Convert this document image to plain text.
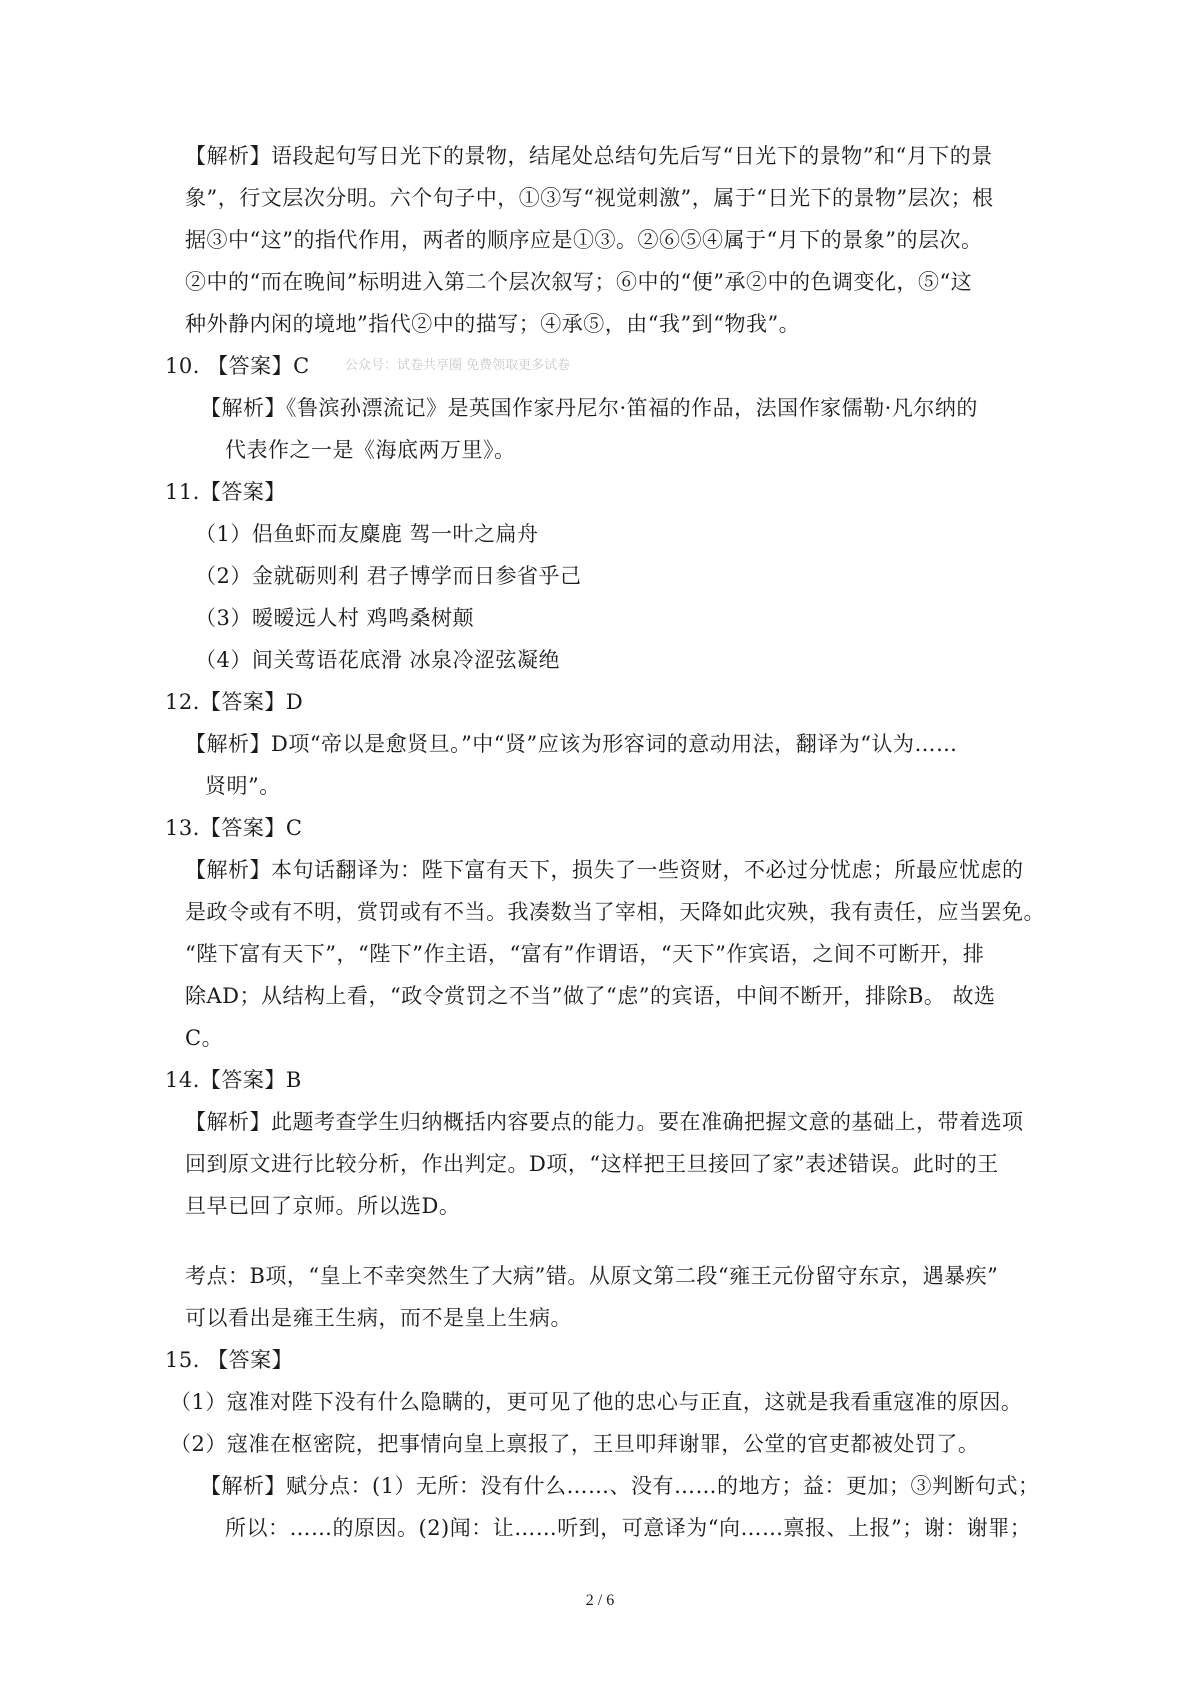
【解析】语段起句写日光下的景物，结尾处总结句先后写“日光下的景物”和“月下的景
象”，行文层次分明。六个句子中，①③写“视觉刺激”，属于“日光下的景物”层次；根
据③中“这”的指代作用，两者的顺序应是①③。②⑥⑤④属于“月下的景象”的层次。
②中的“而在晚间”标明进入第二个层次叙写；⑥中的“便”承②中的色调变化，⑤“这
种外静内闲的境地”指代②中的描写；④承⑤，由“我”到“物我”。
10. 【答案】C	公众号：试卷共享圈 免费领取更多试卷
【解析】《鲁滨孙漂流记》是英国作家丹尼尔·笛福的作品，法国作家儒勒·凡尔纳的
代表作之一是《海底两万里》。
11.【答案】
（1）侣鱼虾而友麋鹿 驾一叶之扁舟
（2）金就砺则利 君子博学而日参省乎己
（3）暧暧远人村 鸡鸣桑树颠
（4）间关莺语花底滑 冰泉冷涩弦凝绝
12.【答案】D
【解析】D项“帝以是愈贤旦。”中“贤”应该为形容词的意动用法，翻译为“认为……
贤明”。
13.【答案】C
【解析】本句话翻译为：陛下富有天下，损失了一些资财，不必过分忧虑；所最应忧虑的
是政令或有不明，赏罚或有不当。我凑数当了宰相，天降如此灾殃，我有责任，应当罢免。
“陛下富有天下”，“陛下”作主语，“富有”作谓语，“天下”作宾语，之间不可断开，排
除AD；从结构上看，“政令赏罚之不当”做了“虑”的宾语，中间不断开，排除B。 故选
C。
14.【答案】B
【解析】此题考查学生归纳概括内容要点的能力。要在准确把握文意的基础上，带着选项
回到原文进行比较分析，作出判定。D项，“这样把王旦接回了家”表述错误。此时的王
旦早已回了京师。所以选D。
考点：B项，“皇上不幸突然生了大病”错。从原文第二段“雍王元份留守东京，遇暴疾”
可以看出是雍王生病，而不是皇上生病。
15. 【答案】
（1）寇准对陛下没有什么隐瞒的，更可见了他的忠心与正直，这就是我看重寇准的原因。
（2）寇准在枢密院，把事情向皇上禀报了，王旦叩拜谢罪，公堂的官吏都被处罚了。
【解析】赋分点：(1）无所：没有什么……、没有……的地方；益：更加；③判断句式；
所以：……的原因。(2)闻：让……听到，可意译为“向……禀报、上报”；谢：谢罪；
2 / 6
